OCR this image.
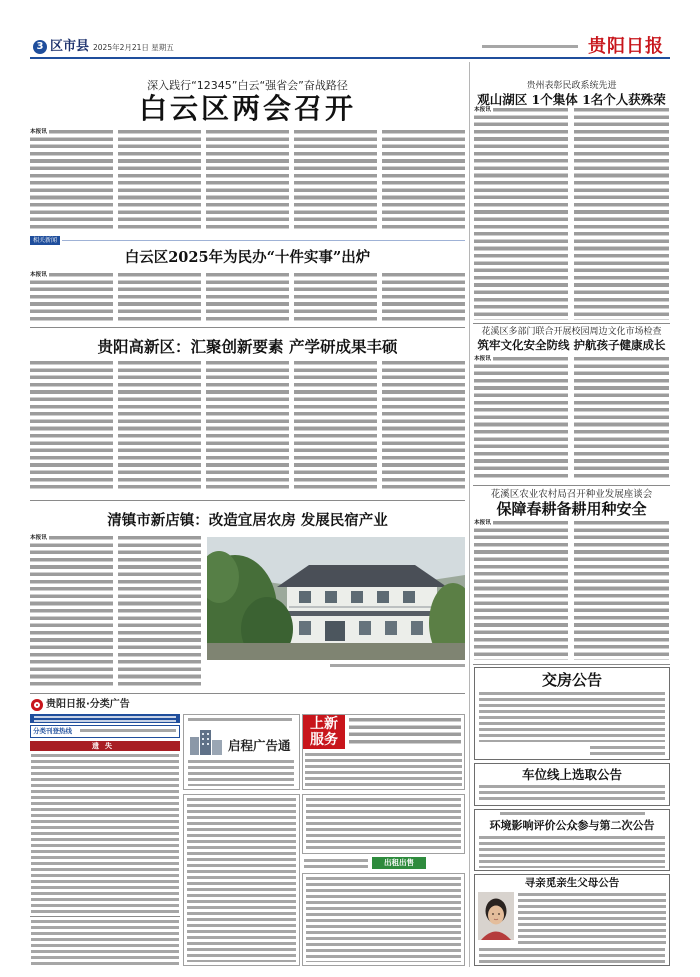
3 区市县 2025年2月21日 星期五	贵阳日报
深入践行“12345”白云“强省会”奋战路径
白云区两会召开
本报讯
相关新闻
白云区2025年为民办“十件实事”出炉
本报讯
贵阳高新区：汇聚创新要素 产学研成果丰硕
清镇市新店镇：改造宜居农房 发展民宿产业
本报讯
贵州表彰民政系统先进
观山湖区 1个集体 1名个人获殊荣
本报讯
花溪区多部门联合开展校园周边文化市场检查
筑牢文化安全防线 护航孩子健康成长
本报讯
花溪区农业农村局召开种业发展座谈会
保障春耕备耕用种安全
本报讯
交房公告
车位线上选取公告
环境影响评价公众参与第二次公告
寻亲觅亲生父母公告
贵阳日报·分类广告
分类刊登热线
遗失	启程广告通
上新服务
出租出售
